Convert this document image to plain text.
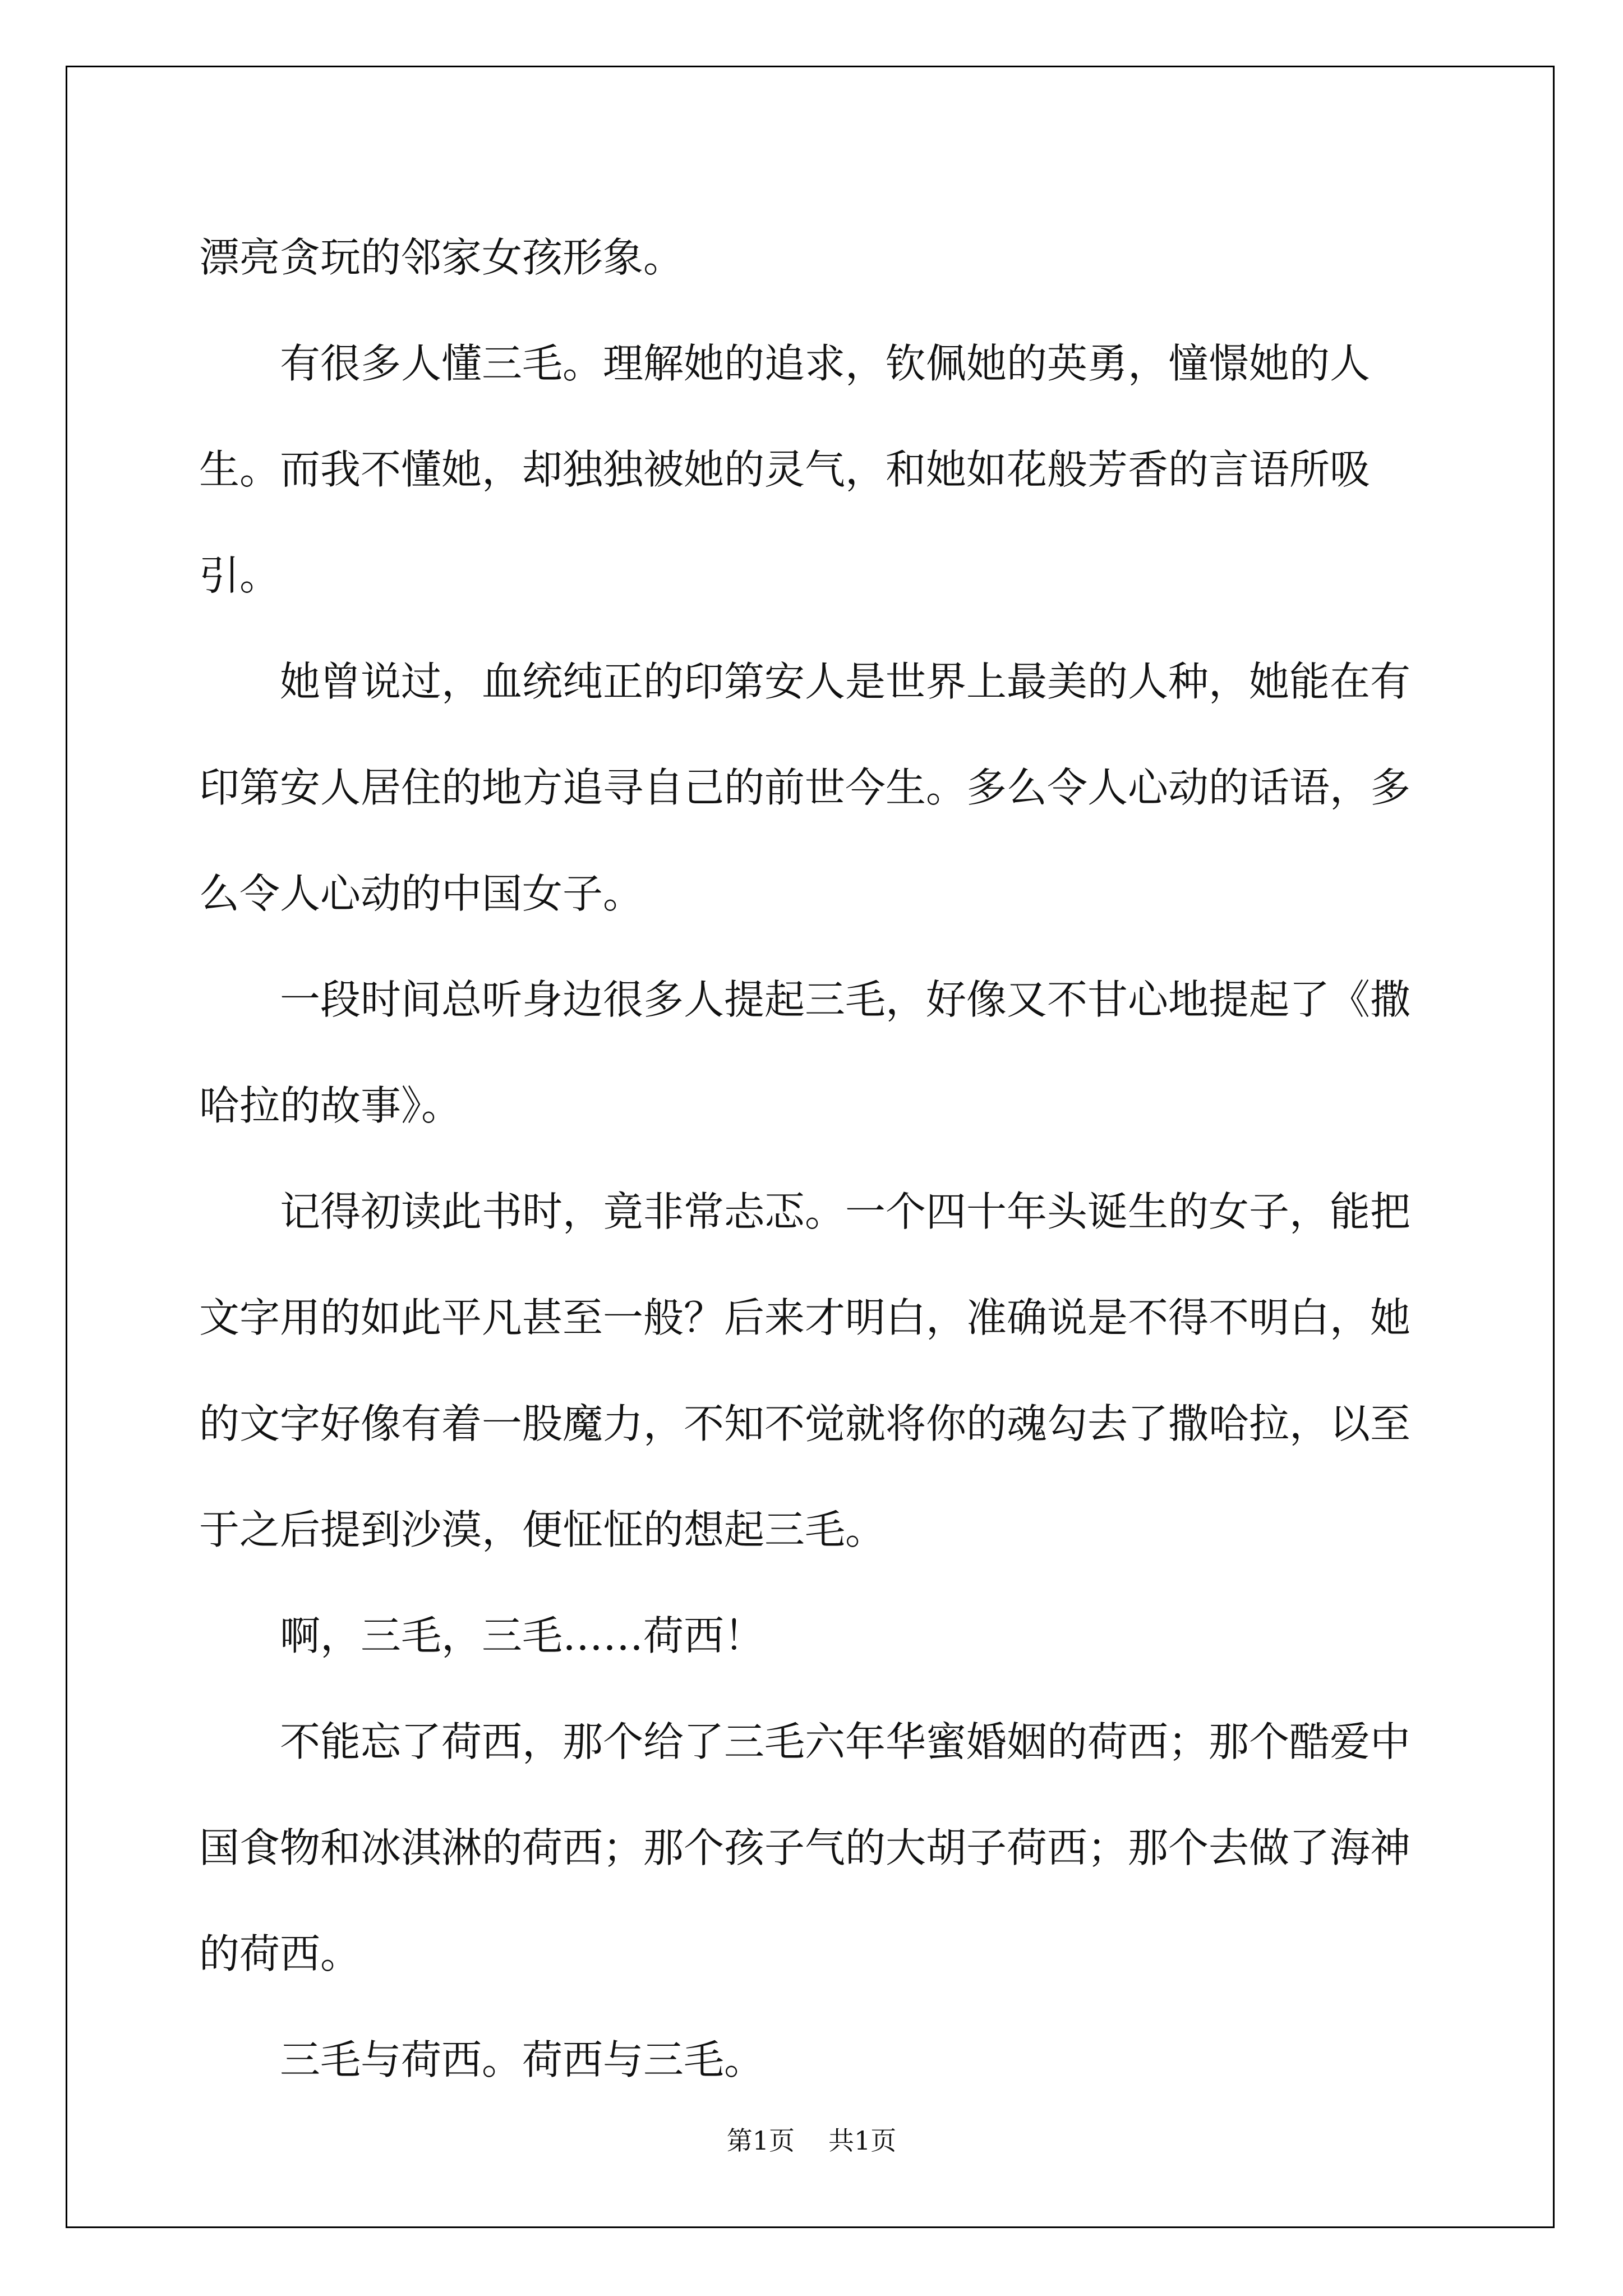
漂亮贪玩的邻家女孩形象。

有很多人懂三毛。理解她的追求，钦佩她的英勇，憧憬她的人生。而我不懂她，却独独被她的灵气，和她如花般芳香的言语所吸引。

她曾说过，血统纯正的印第安人是世界上最美的人种，她能在有印第安人居住的地方追寻自己的前世今生。多么令人心动的话语，多么令人心动的中国女子。

一段时间总听身边很多人提起三毛，好像又不甘心地提起了《撒哈拉的故事》。

记得初读此书时，竟非常忐忑。一个四十年头诞生的女子，能把文字用的如此平凡甚至一般？后来才明白，准确说是不得不明白，她的文字好像有着一股魔力，不知不觉就将你的魂勾去了撒哈拉，以至于之后提到沙漠，便怔怔的想起三毛。

啊，三毛，三毛……荷西！

不能忘了荷西，那个给了三毛六年华蜜婚姻的荷西；那个酷爱中国食物和冰淇淋的荷西；那个孩子气的大胡子荷西；那个去做了海神的荷西。

三毛与荷西。荷西与三毛。

第1页 共1页
